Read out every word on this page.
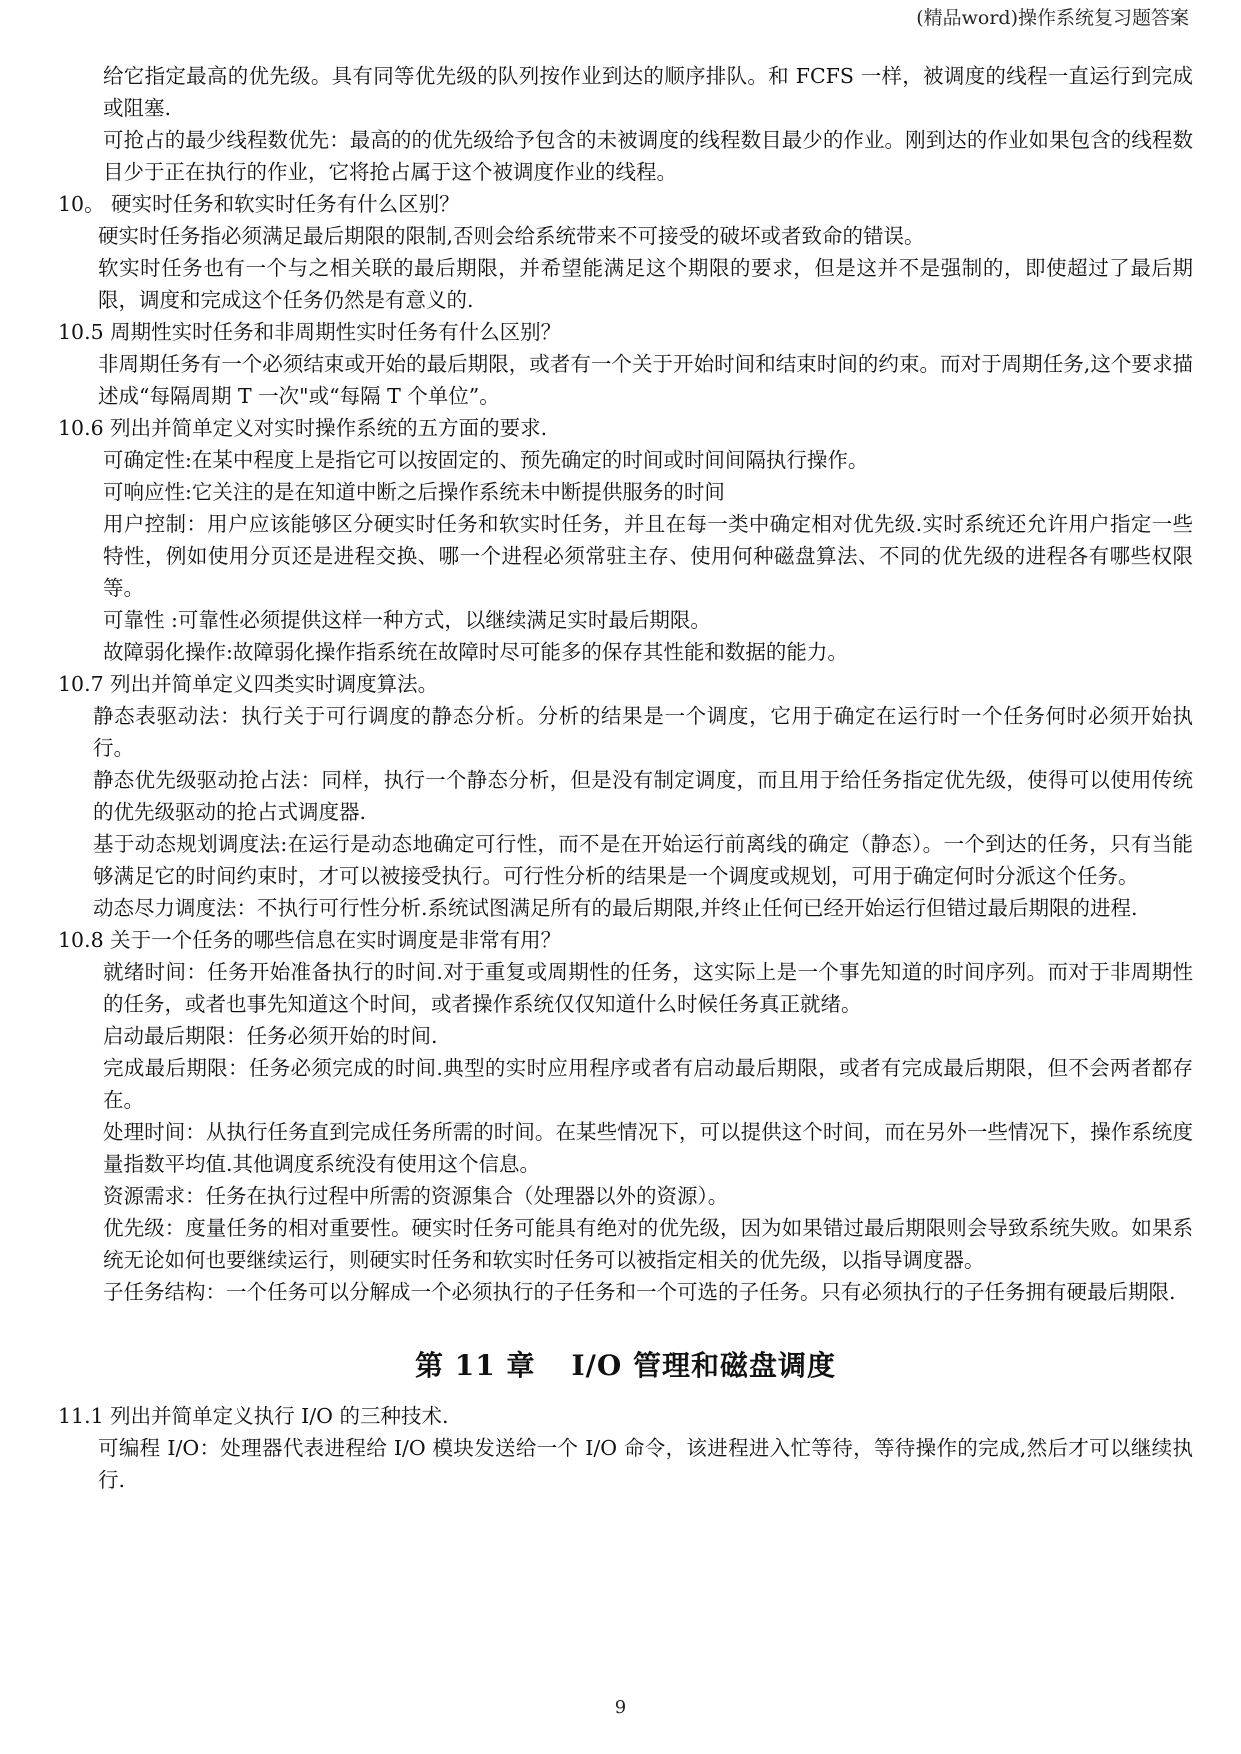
(精品word)操作系统复习题答案

给它指定最高的优先级。具有同等优先级的队列按作业到达的顺序排队。和 FCFS 一样，被调度的线程一直运行到完成或阻塞.

可抢占的最少线程数优先：最高的的优先级给予包含的未被调度的线程数目最少的作业。刚到达的作业如果包含的线程数目少于正在执行的作业，它将抢占属于这个被调度作业的线程。

10。 硬实时任务和软实时任务有什么区别？

硬实时任务指必须满足最后期限的限制,否则会给系统带来不可接受的破坏或者致命的错误。

软实时任务也有一个与之相关联的最后期限，并希望能满足这个期限的要求，但是这并不是强制的，即使超过了最后期限，调度和完成这个任务仍然是有意义的.

10.5 周期性实时任务和非周期性实时任务有什么区别？

非周期任务有一个必须结束或开始的最后期限，或者有一个关于开始时间和结束时间的约束。而对于周期任务,这个要求描述成“每隔周期 T 一次"或“每隔 T 个单位”。

10.6 列出并简单定义对实时操作系统的五方面的要求.

可确定性:在某中程度上是指它可以按固定的、预先确定的时间或时间间隔执行操作。

可响应性:它关注的是在知道中断之后操作系统未中断提供服务的时间

用户控制：用户应该能够区分硬实时任务和软实时任务，并且在每一类中确定相对优先级.实时系统还允许用户指定一些特性，例如使用分页还是进程交换、哪一个进程必须常驻主存、使用何种磁盘算法、不同的优先级的进程各有哪些权限等。

可靠性 :可靠性必须提供这样一种方式，以继续满足实时最后期限。

故障弱化操作:故障弱化操作指系统在故障时尽可能多的保存其性能和数据的能力。

10.7 列出并简单定义四类实时调度算法。

静态表驱动法：执行关于可行调度的静态分析。分析的结果是一个调度，它用于确定在运行时一个任务何时必须开始执行。

静态优先级驱动抢占法：同样，执行一个静态分析，但是没有制定调度，而且用于给任务指定优先级，使得可以使用传统的优先级驱动的抢占式调度器.

基于动态规划调度法:在运行是动态地确定可行性，而不是在开始运行前离线的确定（静态）。一个到达的任务，只有当能够满足它的时间约束时，才可以被接受执行。可行性分析的结果是一个调度或规划，可用于确定何时分派这个任务。

动态尽力调度法：不执行可行性分析.系统试图满足所有的最后期限,并终止任何已经开始运行但错过最后期限的进程.

10.8 关于一个任务的哪些信息在实时调度是非常有用？

就绪时间：任务开始准备执行的时间.对于重复或周期性的任务，这实际上是一个事先知道的时间序列。而对于非周期性的任务，或者也事先知道这个时间，或者操作系统仅仅知道什么时候任务真正就绪。

启动最后期限：任务必须开始的时间.

完成最后期限：任务必须完成的时间.典型的实时应用程序或者有启动最后期限，或者有完成最后期限，但不会两者都存在。

处理时间：从执行任务直到完成任务所需的时间。在某些情况下，可以提供这个时间，而在另外一些情况下，操作系统度量指数平均值.其他调度系统没有使用这个信息。

资源需求：任务在执行过程中所需的资源集合（处理器以外的资源）。

优先级：度量任务的相对重要性。硬实时任务可能具有绝对的优先级，因为如果错过最后期限则会导致系统失败。如果系统无论如何也要继续运行，则硬实时任务和软实时任务可以被指定相关的优先级，以指导调度器。

子任务结构：一个任务可以分解成一个必须执行的子任务和一个可选的子任务。只有必须执行的子任务拥有硬最后期限.

第 11 章 I/O 管理和磁盘调度

11.1 列出并简单定义执行 I/O 的三种技术.

可编程 I/O：处理器代表进程给 I/O 模块发送给一个 I/O 命令，该进程进入忙等待，等待操作的完成,然后才可以继续执行.

9
